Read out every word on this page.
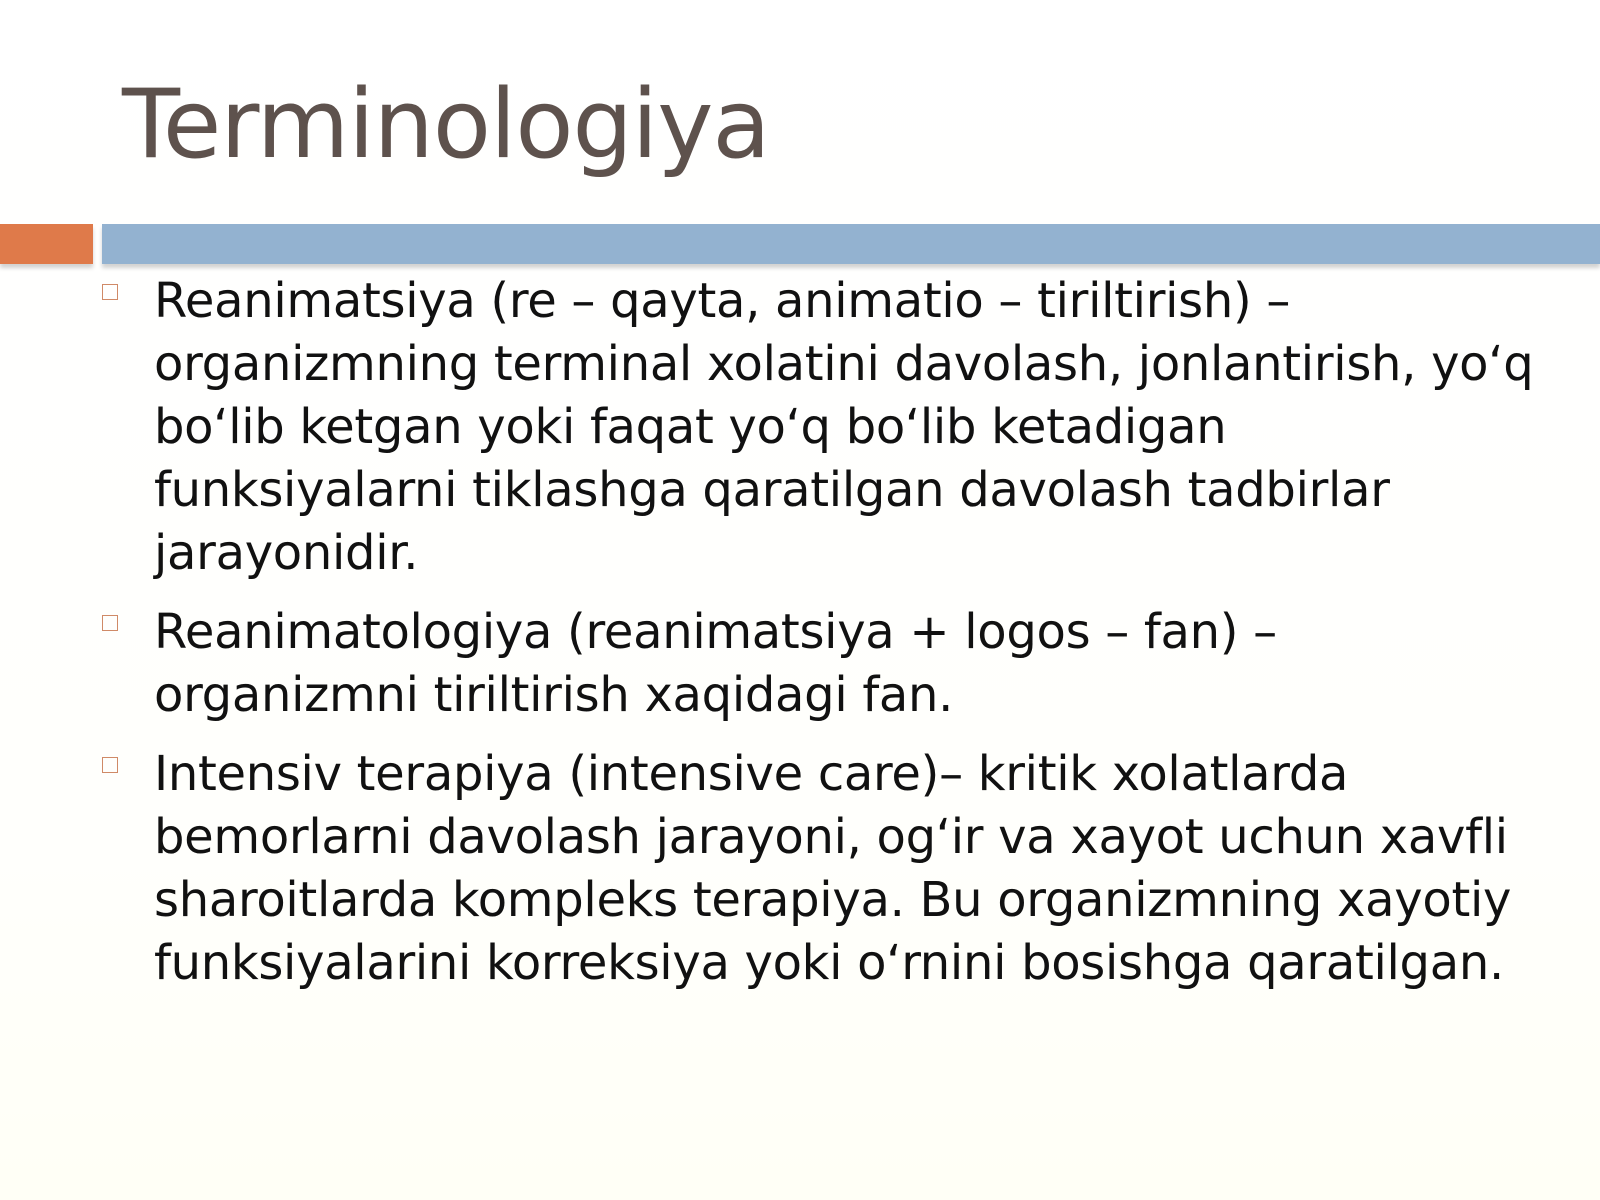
Terminologiya
Reanimatsiya (re – qayta, animatio – tiriltirish) – organizmning terminal xolatini davolash, jonlantirish, yo‘q bo‘lib ketgan yoki faqat yo‘q bo‘lib ketadigan funksiyalarni tiklashga qaratilgan davolash tadbirlar jarayonidir.
Reanimatologiya (reanimatsiya + logos – fan) – organizmni tiriltirish xaqidagi fan.
Intensiv terapiya (intensive care)– kritik xolatlarda bemorlarni davolash jarayoni, og‘ir va xayot uchun xavfli sharoitlarda kompleks terapiya. Bu organizmning xayotiy funksiyalarini korreksiya yoki o‘rnini bosishga qaratilgan.
